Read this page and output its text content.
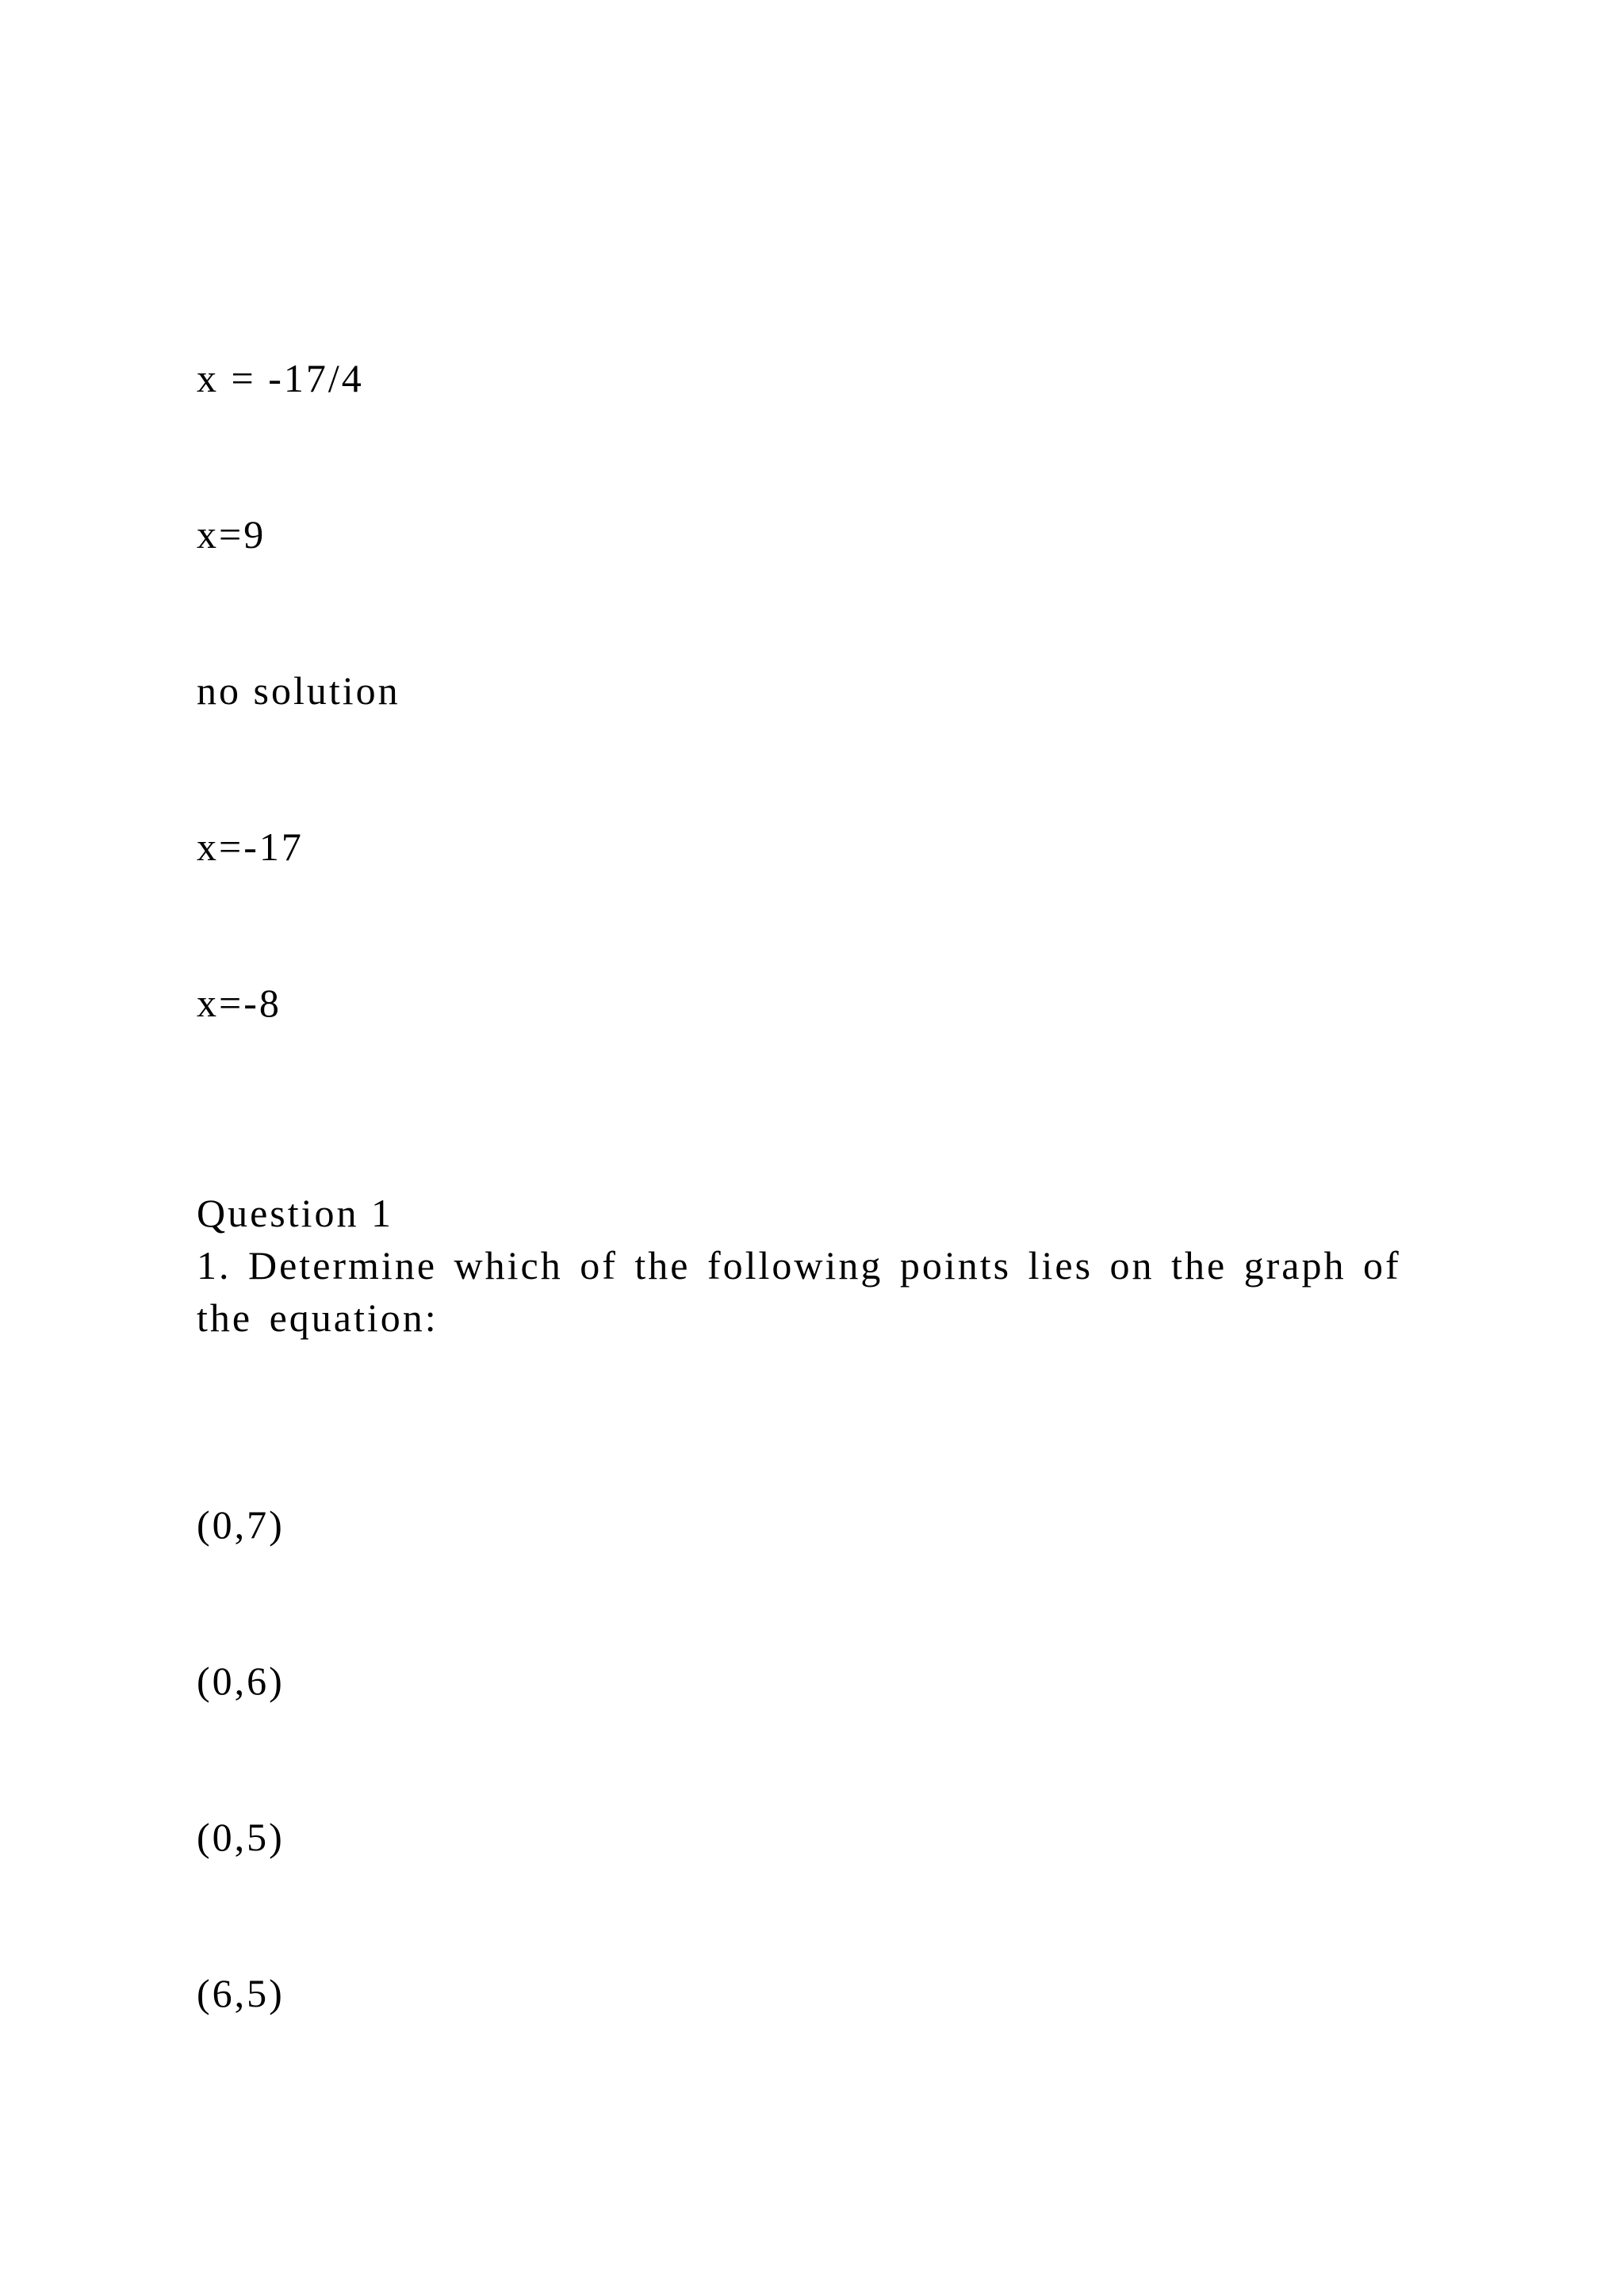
x = -17/4
x=9
no solution
x=-17
x=-8
Question 1
1. Determine which of the following points lies on the graph of the equation:
(0,7)
(0,6)
(0,5)
(6,5)
